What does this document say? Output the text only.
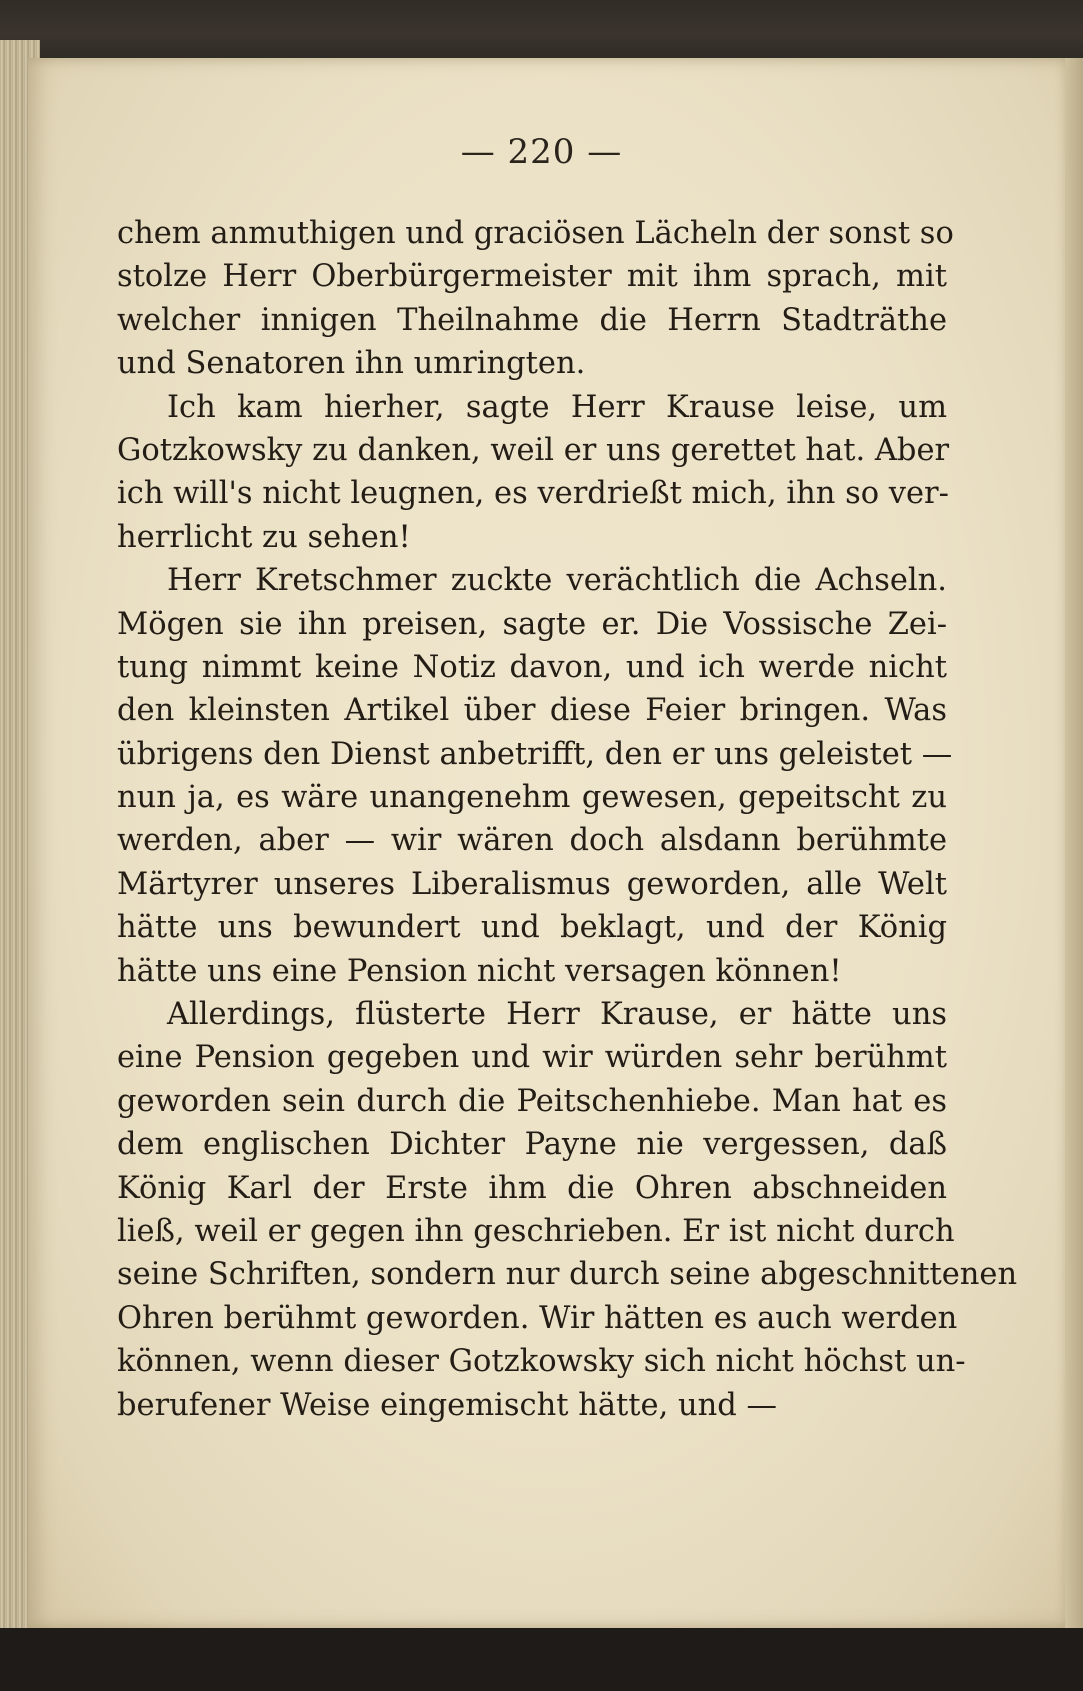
— 220 —
chem anmuthigen und graciösen Lächeln der sonst so
stolze Herr Oberbürgermeister mit ihm sprach, mit
welcher innigen Theilnahme die Herrn Stadträthe
und Senatoren ihn umringten.
Ich kam hierher, sagte Herr Krause leise, um
Gotzkowsky zu danken, weil er uns gerettet hat. Aber
ich will's nicht leugnen, es verdrießt mich, ihn so ver-
herrlicht zu sehen!
Herr Kretschmer zuckte verächtlich die Achseln.
Mögen sie ihn preisen, sagte er. Die Vossische Zei-
tung nimmt keine Notiz davon, und ich werde nicht
den kleinsten Artikel über diese Feier bringen. Was
übrigens den Dienst anbetrifft, den er uns geleistet —
nun ja, es wäre unangenehm gewesen, gepeitscht zu
werden, aber — wir wären doch alsdann berühmte
Märtyrer unseres Liberalismus geworden, alle Welt
hätte uns bewundert und beklagt, und der König
hätte uns eine Pension nicht versagen können!
Allerdings, flüsterte Herr Krause, er hätte uns
eine Pension gegeben und wir würden sehr berühmt
geworden sein durch die Peitschenhiebe. Man hat es
dem englischen Dichter Payne nie vergessen, daß
König Karl der Erste ihm die Ohren abschneiden
ließ, weil er gegen ihn geschrieben. Er ist nicht durch
seine Schriften, sondern nur durch seine abgeschnittenen
Ohren berühmt geworden. Wir hätten es auch werden
können, wenn dieser Gotzkowsky sich nicht höchst un-
berufener Weise eingemischt hätte, und —
